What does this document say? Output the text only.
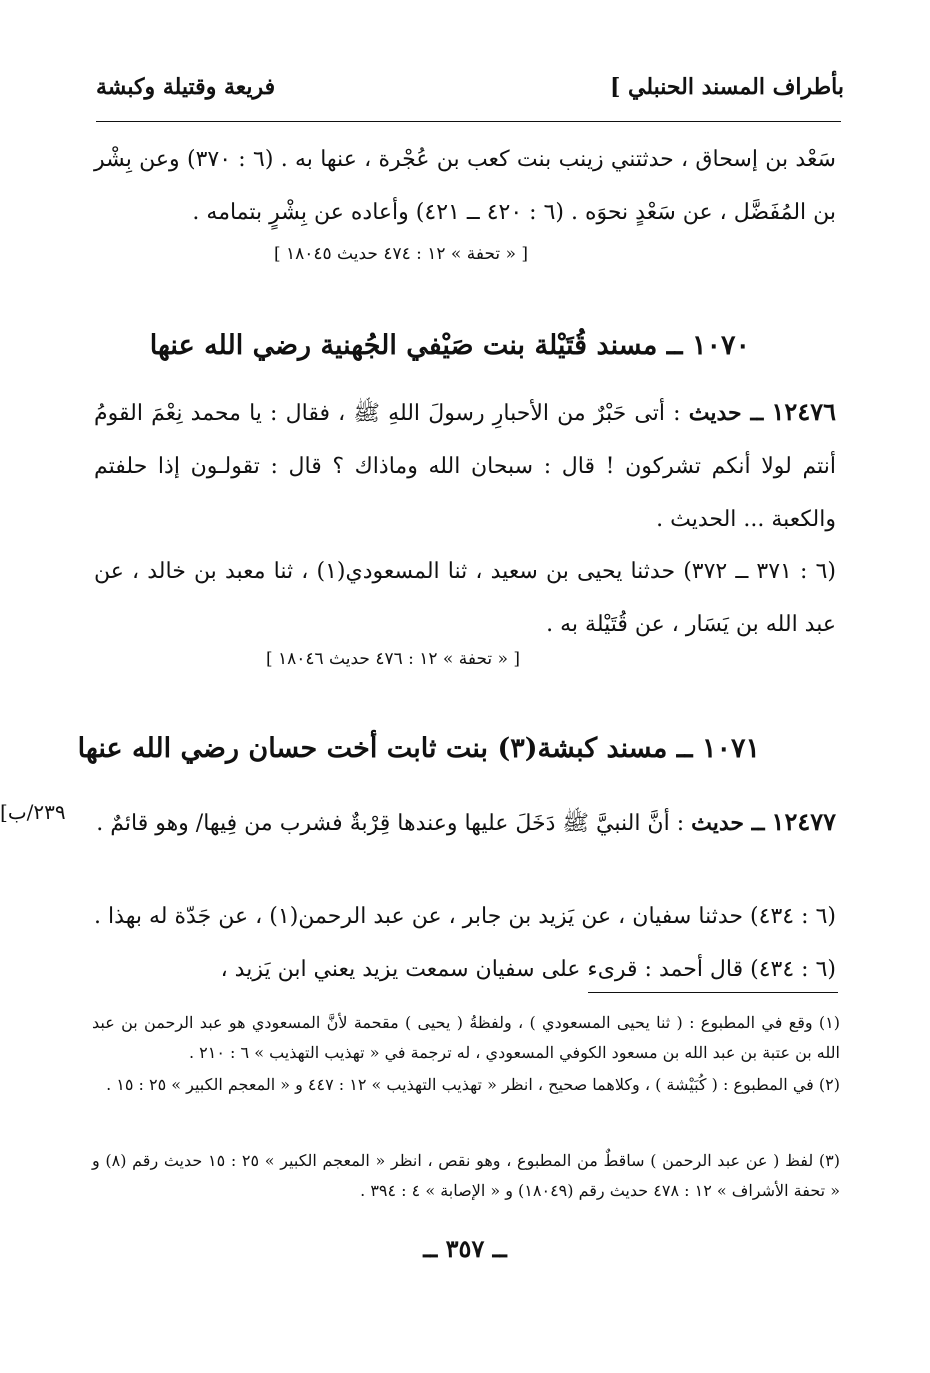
بأطراف المسند الحنبلي ]
فريعة وقتيلة وكبشة
سَعْد بن إسحاق ، حدثتني زينب بنت كعب بن عُجْرة ، عنها به . (٦ : ٣٧٠) وعن بِشْر بن المُفَضَّل ، عن سَعْدٍ نحوَه . (٦ : ٤٢٠ ــ ٤٢١) وأعاده عن بِشْرٍ بتمامه .
[ « تحفة » ١٢ : ٤٧٤ حديث ١٨٠٤٥ ]
١٠٧٠ ــ مسند قُتَيْلة بنت صَيْفي الجُهنية رضي الله عنها
١٢٤٧٦ ــ حديث : أتى حَبْرٌ من الأحبارِ رسولَ اللهِ ﷺ ، فقال : يا محمد نِعْمَ القومُ أنتم لولا أنكم تشركون ! قال : سبحان الله وماذاك ؟ قال : تقولـون إذا حلفتم والكعبة ... الحديث .
(٦ : ٣٧١ ــ ٣٧٢) حدثنا يحيى بن سعيد ، ثنا المسعودي(١) ، ثنا معبد بن خالد ، عن عبد الله بن يَسَار ، عن قُتَيْلة به .
[ « تحفة » ١٢ : ٤٧٦ حديث ١٨٠٤٦ ]
١٠٧١ ــ مسند كبشة(٣) بنت ثابت أخت حسان رضي الله عنها
١٢٤٧٧ ــ حديث : أنَّ النبيَّ ﷺ دَخَلَ عليها وعندها قِرْبةٌ فشرب من فِيها/ وهو قائمٌ .
[٢٣٩/ب
(٦ : ٤٣٤) حدثنا سفيان ، عن يَزيد بن جابر ، عن عبد الرحمن(١) ، عن جَدّة له بهذا . (٦ : ٤٣٤) قال أحمد : قرىء على سفيان سمعت يزيد يعني ابن يَزيد ،
(١) وقع في المطبوع : ( ثنا يحيى المسعودي ) ، ولفظةُ ( يحيى ) مقحمة لأنَّ المسعودي هو عبد الرحمن بن عبد الله بن عتبة بن عبد الله بن مسعود الكوفي المسعودي ، له ترجمة في « تهذيب التهذيب » ٦ : ٢١٠ .
(٢) في المطبوع : ( كُبَيْشة ) ، وكلاهما صحيح ، انظر « تهذيب التهذيب » ١٢ : ٤٤٧ و « المعجم الكبير » ٢٥ : ١٥ .
(٣) لفظ ( عن عبد الرحمن ) ساقطٌ من المطبوع ، وهو نقص ، انظر « المعجم الكبير » ٢٥ : ١٥ حديث رقم (٨) و « تحفة الأشراف » ١٢ : ٤٧٨ حديث رقم (١٨٠٤٩) و « الإصابة » ٤ : ٣٩٤ .
ــ ٣٥٧ ــ
